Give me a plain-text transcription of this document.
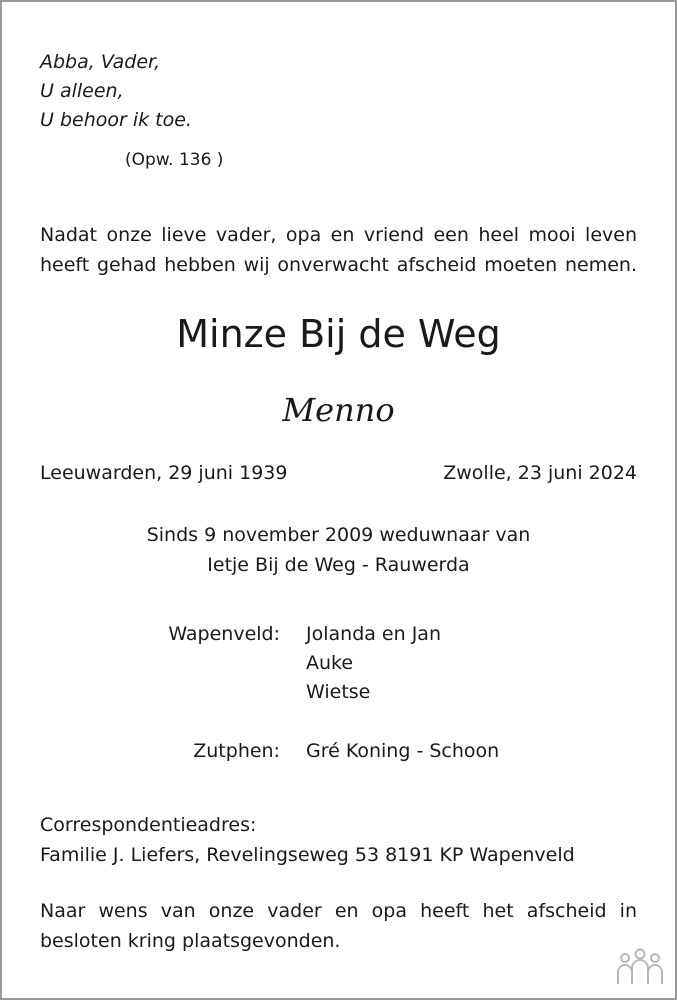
Abba, Vader,
U alleen,
U behoor ik toe.
(Opw. 136 )
Nadat onze lieve vader, opa en vriend een heel mooi leven
heeft gehad hebben wij onverwacht afscheid moeten nemen.
Minze Bij de Weg
Menno
Leeuwarden, 29 juni 1939	Zwolle, 23 juni 2024
Sinds 9 november 2009 weduwnaar van
Ietje Bij de Weg - Rauwerda
Wapenveld: Jolanda en Jan
Auke
Wietse
Zutphen: Gré Koning - Schoon
Correspondentieadres:
Familie J. Liefers, Revelingseweg 53 8191 KP Wapenveld
Naar wens van onze vader en opa heeft het afscheid in
besloten kring plaatsgevonden.
